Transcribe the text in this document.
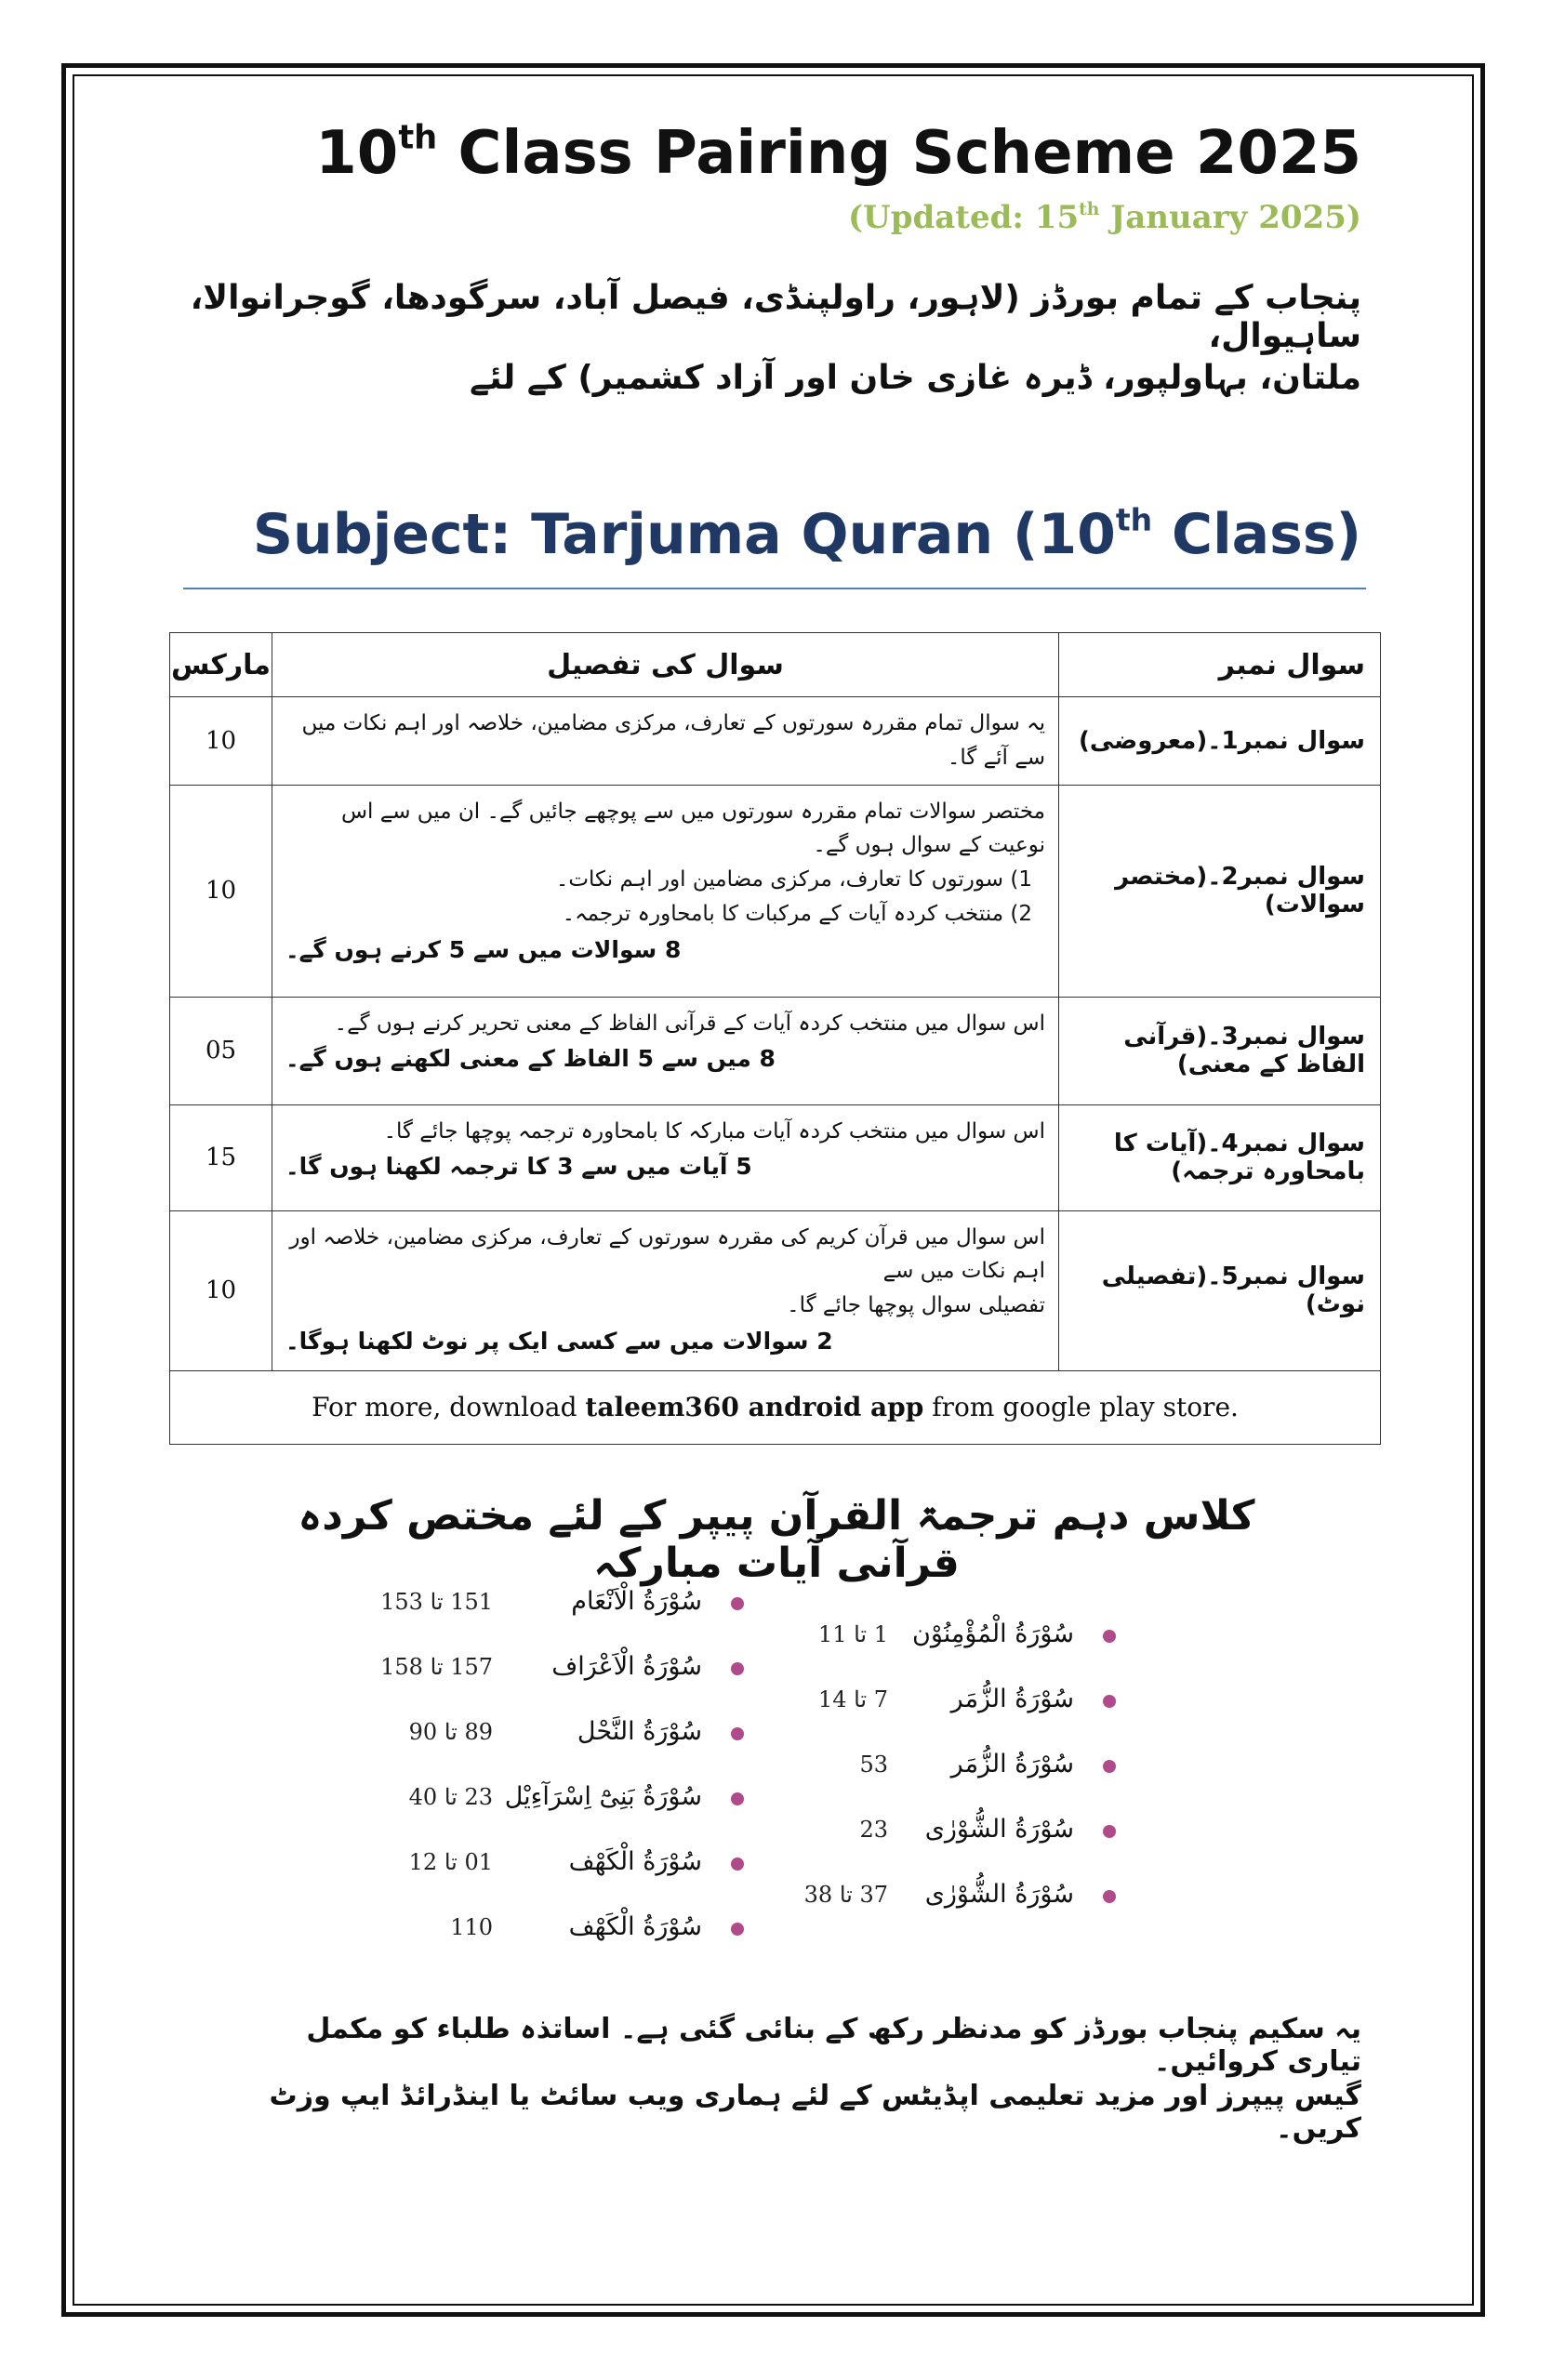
10th Class Pairing Scheme 2025
(Updated: 15th January 2025)
پنجاب کے تمام بورڈز (لاہور، راولپنڈی، فیصل آباد، سرگودھا، گوجرانوالا، ساہیوال،
ملتان، بہاولپور، ڈیرہ غازی خان اور آزاد کشمیر) کے لئے
Subject: Tarjuma Quran (10th Class)
مارکس	سوال کی تفصیل	سوال نمبر
10	یہ سوال تمام مقررہ سورتوں کے تعارف، مرکزی مضامین، خلاصہ اور اہم نکات میں سے آئے گا۔	سوال نمبر1۔(معروضی)
10	مختصر سوالات تمام مقررہ سورتوں میں سے پوچھے جائیں گے۔ ان میں سے اس نوعیت کے سوال ہوں گے۔
1) سورتوں کا تعارف، مرکزی مضامین اور اہم نکات۔
2) منتخب کردہ آیات کے مرکبات کا بامحاورہ ترجمہ۔
8 سوالات میں سے 5 کرنے ہوں گے۔	سوال نمبر2۔(مختصر سوالات)
05	اس سوال میں منتخب کردہ آیات کے قرآنی الفاظ کے معنی تحریر کرنے ہوں گے۔
8 میں سے 5 الفاظ کے معنی لکھنے ہوں گے۔	سوال نمبر3۔(قرآنی الفاظ کے معنی)
15	اس سوال میں منتخب کردہ آیات مبارکہ کا بامحاورہ ترجمہ پوچھا جائے گا۔
5 آیات میں سے 3 کا ترجمہ لکھنا ہوں گا۔	سوال نمبر4۔(آیات کا بامحاورہ ترجمہ)
10	اس سوال میں قرآن کریم کی مقررہ سورتوں کے تعارف، مرکزی مضامین، خلاصہ اور اہم نکات میں سے
تفصیلی سوال پوچھا جائے گا۔
2 سوالات میں سے کسی ایک پر نوٹ لکھنا ہوگا۔	سوال نمبر5۔(تفصیلی نوٹ)
For more, download taleem360 android app from google play store.		
کلاس دہم ترجمۃ القرآن پیپر کے لئے مختص کردہ قرآنی آیات مبارکہ
سُوْرَةُ الْمُؤْمِنُوْن
1 تا 11
سُوْرَةُ الزُّمَر
7 تا 14
سُوْرَةُ الزُّمَر
53
سُوْرَةُ الشُّوْرٰى
23
سُوْرَةُ الشُّوْرٰى
37 تا 38
سُوْرَةُ الْاَنْعَام
151 تا 153
سُوْرَةُ الْاَعْرَاف
157 تا 158
سُوْرَةُ النَّحْل
89 تا 90
سُوْرَةُ بَنِیْٓ اِسْرَآءِیْل
23 تا 40
سُوْرَةُ الْكَهْف
01 تا 12
سُوْرَةُ الْكَهْف
110
یہ سکیم پنجاب بورڈز کو مدنظر رکھ کے بنائی گئی ہے۔ اساتذہ طلباء کو مکمل تیاری کروائیں۔
گیس پیپرز اور مزید تعلیمی اپڈیٹس کے لئے ہماری ویب سائٹ یا اینڈرائڈ ایپ وزٹ کریں۔
